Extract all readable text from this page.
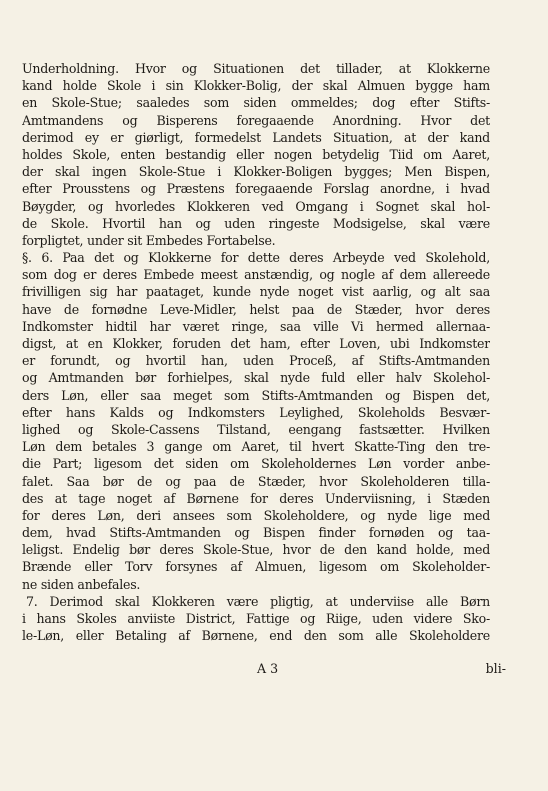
Underholdning. Hvor og Situationen det tillader, at Klokkerne
kand holde Skole i sin Klokker-Bolig, der skal Almuen bygge ham
en Skole-Stue; saaledes som siden ommeldes; dog efter Stifts-
Amtmandens og Bisperens foregaaende Anordning. Hvor det
derimod ey er giørligt, formedelst Landets Situation, at der kand
holdes Skole, enten bestandig eller nogen betydelig Tiid om Aaret,
der skal ingen Skole-Stue i Klokker-Boligen bygges; Men Bispen,
efter Prousstens og Præstens foregaaende Forslag anordne, i hvad
Bøygder, og hvorledes Klokkeren ved Omgang i Sognet skal hol-
de Skole. Hvortil han og uden ringeste Modsigelse, skal være
forpligtet, under sit Embedes Fortabelse.
§. 6. Paa det og Klokkerne for dette deres Arbeyde ved Skolehold,
som dog er deres Embede meest anstændig, og nogle af dem allereede
frivilligen sig har paataget, kunde nyde noget vist aarlig, og alt saa
have de fornødne Leve-Midler, helst paa de Stæder, hvor deres
Indkomster hidtil har været ringe, saa ville Vi hermed allernaa-
digst, at en Klokker, foruden det ham, efter Loven, ubi Indkomster
er forundt, og hvortil han, uden Proceß, af Stifts-Amtmanden
og Amtmanden bør forhielpes, skal nyde fuld eller halv Skolehol-
ders Løn, eller saa meget som Stifts-Amtmanden og Bispen det,
efter hans Kalds og Indkomsters Leylighed, Skoleholds Besvær-
lighed og Skole-Cassens Tilstand, eengang fastsætter. Hvilken
Løn dem betales 3 gange om Aaret, til hvert Skatte-Ting den tre-
die Part; ligesom det siden om Skoleholdernes Løn vorder anbe-
falet. Saa bør de og paa de Stæder, hvor Skoleholderen tilla-
des at tage noget af Børnene for deres Underviisning, i Stæden
for deres Løn, deri ansees som Skoleholdere, og nyde lige med
dem, hvad Stifts-Amtmanden og Bispen finder fornøden og taa-
leligst. Endelig bør deres Skole-Stue, hvor de den kand holde, med
Brænde eller Torv forsynes af Almuen, ligesom om Skoleholder-
ne siden anbefales.
7. Derimod skal Klokkeren være pligtig, at underviise alle Børn
i hans Skoles anviiste District, Fattige og Riige, uden videre Sko-
le-Løn, eller Betaling af Børnene, end den som alle Skoleholdere
A 3	bli-
